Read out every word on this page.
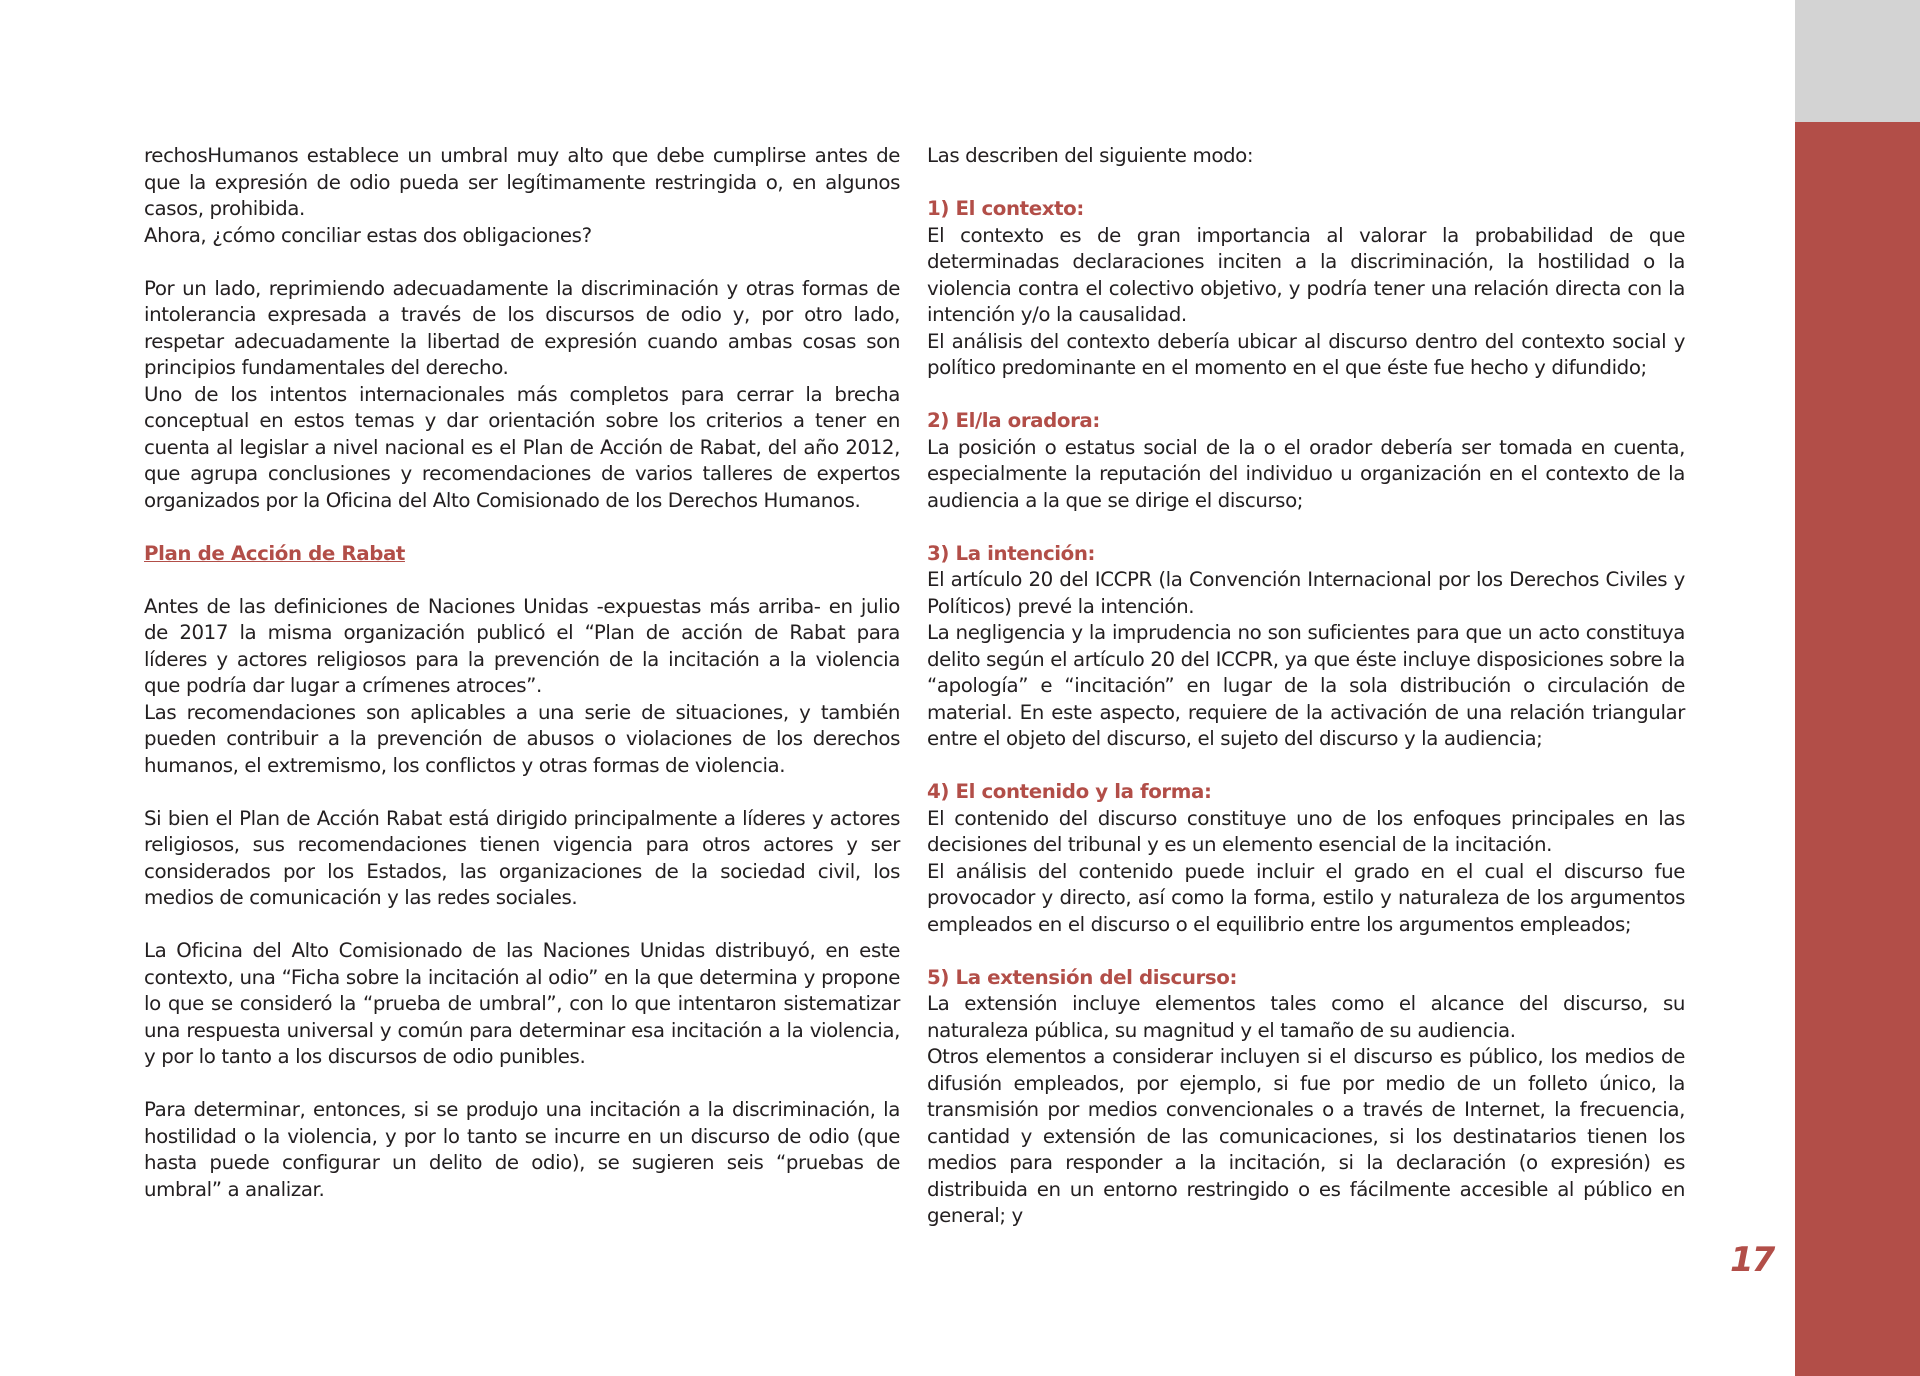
rechosHumanos establece un umbral muy alto que debe cumplirse antes de que la expresión de odio pueda ser legítimamente restringida o, en algunos casos, prohibida.

Ahora, ¿cómo conciliar estas dos obligaciones?

Por un lado, reprimiendo adecuadamente la discriminación y otras formas de intolerancia expresada a través de los discursos de odio y, por otro lado, respetar adecuadamente la libertad de expresión cuando ambas cosas son principios fundamentales del derecho.

Uno de los intentos internacionales más completos para cerrar la brecha conceptual en estos temas y dar orientación sobre los criterios a tener en cuenta al legislar a nivel nacional es el Plan de Acción de Rabat, del año 2012, que agrupa conclusiones y recomendaciones de varios talleres de expertos organizados por la Oficina del Alto Comisionado de los Derechos Humanos.

Plan de Acción de Rabat

Antes de las definiciones de Naciones Unidas -expuestas más arriba- en julio de 2017 la misma organización publicó el “Plan de acción de Rabat para líderes y actores religiosos para la prevención de la incitación a la violencia que podría dar lugar a crímenes atroces”.

Las recomendaciones son aplicables a una serie de situaciones, y también pueden contribuir a la prevención de abusos o violaciones de los derechos humanos, el extremismo, los conflictos y otras formas de violencia.

Si bien el Plan de Acción Rabat está dirigido principalmente a líderes y actores religiosos, sus recomendaciones tienen vigencia para otros actores y ser considerados por los Estados, las organizaciones de la sociedad civil, los medios de comunicación y las redes sociales.

La Oficina del Alto Comisionado de las Naciones Unidas distribuyó, en este contexto, una “Ficha sobre la incitación al odio” en la que determina y propone lo que se consideró la “prueba de umbral”, con lo que intentaron sistematizar una respuesta universal y común para determinar esa incitación a la violencia, y por lo tanto a los discursos de odio punibles.

Para determinar, entonces, si se produjo una incitación a la discriminación, la hostilidad o la violencia, y por lo tanto se incurre en un discurso de odio (que hasta puede configurar un delito de odio), se sugieren seis “pruebas de umbral” a analizar.

Las describen del siguiente modo:

1) El contexto:

El contexto es de gran importancia al valorar la probabilidad de que determinadas declaraciones inciten a la discriminación, la hostilidad o la violencia contra el colectivo objetivo, y podría tener una relación directa con la intención y/o la causalidad.

El análisis del contexto debería ubicar al discurso dentro del contexto social y político predominante en el momento en el que éste fue hecho y difundido;

2) El/la oradora:

La posición o estatus social de la o el orador debería ser tomada en cuenta, especialmente la reputación del individuo u organización en el contexto de la audiencia a la que se dirige el discurso;

3) La intención:

El artículo 20 del ICCPR (la Convención Internacional por los Derechos Civiles y Políticos) prevé la intención.

La negligencia y la imprudencia no son suficientes para que un acto constituya delito según el artículo 20 del ICCPR, ya que éste incluye disposiciones sobre la “apología” e “incitación” en lugar de la sola distribución o circulación de material. En este aspecto, requiere de la activación de una relación triangular entre el objeto del discurso, el sujeto del discurso y la audiencia;

4) El contenido y la forma:

El contenido del discurso constituye uno de los enfoques principales en las decisiones del tribunal y es un elemento esencial de la incitación.

El análisis del contenido puede incluir el grado en el cual el discurso fue provocador y directo, así como la forma, estilo y naturaleza de los argumentos empleados en el discurso o el equilibrio entre los argumentos empleados;

5) La extensión del discurso:

La extensión incluye elementos tales como el alcance del discurso, su naturaleza pública, su magnitud y el tamaño de su audiencia.

Otros elementos a considerar incluyen si el discurso es público, los medios de difusión empleados, por ejemplo, si fue por medio de un folleto único, la transmisión por medios convencionales o a través de Internet, la frecuencia, cantidad y extensión de las comunicaciones, si los destinatarios tienen los medios para responder a la incitación, si la declaración (o expresión) es distribuida en un entorno restringido o es fácilmente accesible al público en general; y

17
